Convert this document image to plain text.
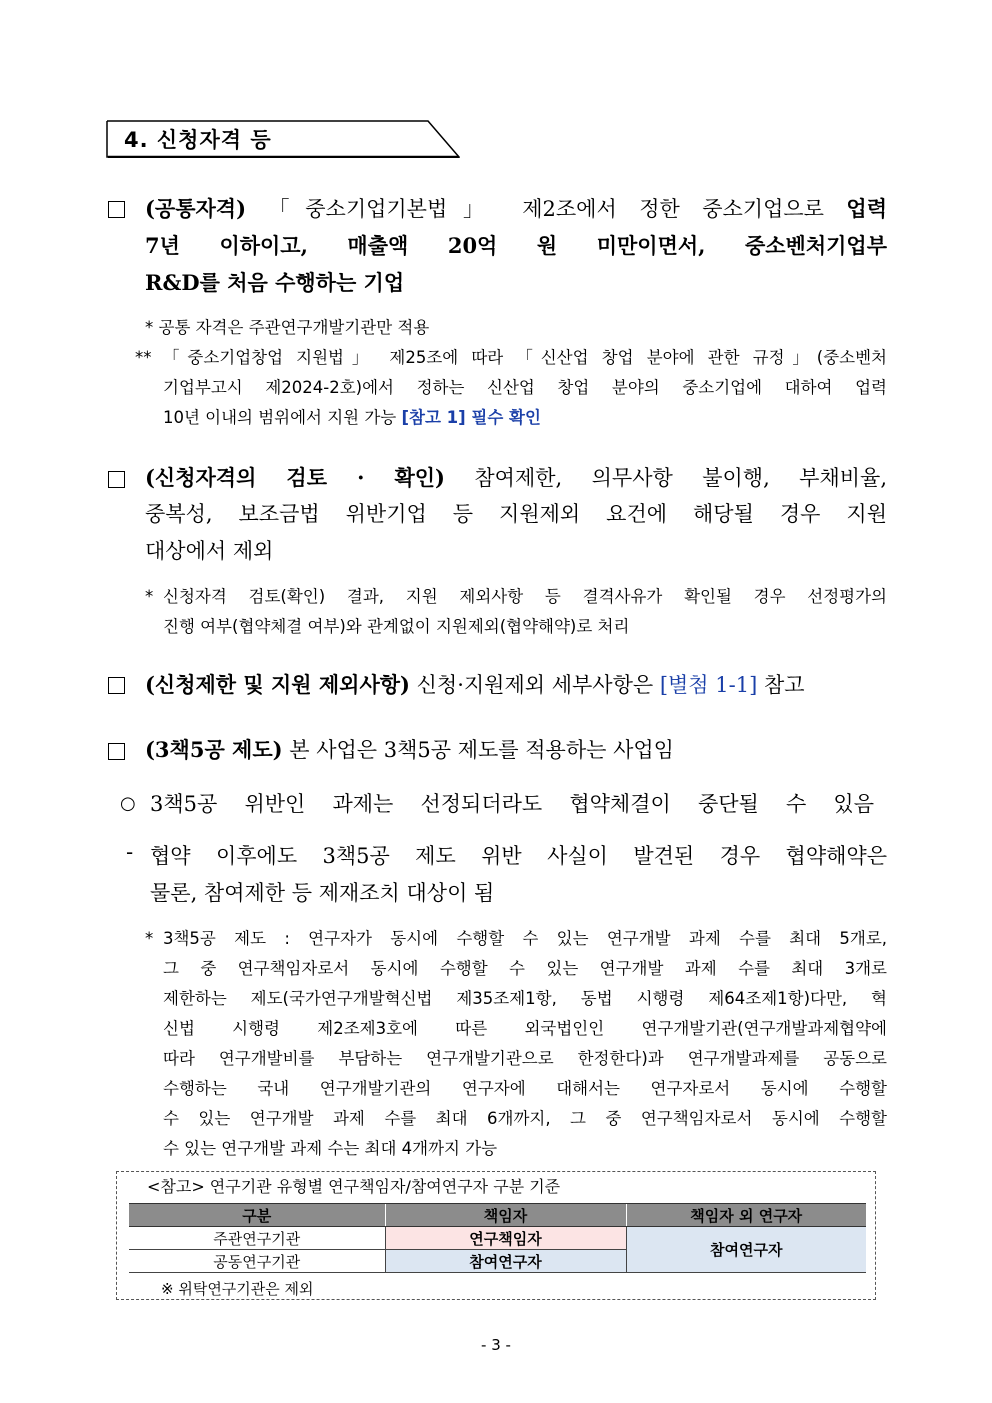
4. 신청자격 등
(공통자격) 「중소기업기본법」 제2조에서 정한 중소기업으로 업력
7년 이하이고, 매출액 20억 원 미만이면서, 중소벤처기업부
R&D를 처음 수행하는 기업
* 공통 자격은 주관연구개발기관만 적용
** 「중소기업창업 지원법」 제25조에 따라 「신산업 창업 분야에 관한 규정」(중소벤처
기업부고시 제2024-2호)에서 정하는 신산업 창업 분야의 중소기업에 대하여 업력
10년 이내의 범위에서 지원 가능 [참고 1] 필수 확인
(신청자격의 검토 · 확인) 참여제한, 의무사항 불이행, 부채비율,
중복성, 보조금법 위반기업 등 지원제외 요건에 해당될 경우 지원
대상에서 제외
* 신청자격 검토(확인) 결과, 지원 제외사항 등 결격사유가 확인될 경우 선정평가의
진행 여부(협약체결 여부)와 관계없이 지원제외(협약해약)로 처리
(신청제한 및 지원 제외사항) 신청·지원제외 세부사항은 [별첨 1-1] 참고
(3책5공 제도) 본 사업은 3책5공 제도를 적용하는 사업임
○ 3책5공 위반인 과제는 선정되더라도 협약체결이 중단될 수 있음
- 협약 이후에도 3책5공 제도 위반 사실이 발견된 경우 협약해약은
물론, 참여제한 등 제재조치 대상이 됨
* 3책5공 제도 : 연구자가 동시에 수행할 수 있는 연구개발 과제 수를 최대 5개로,
그 중 연구책임자로서 동시에 수행할 수 있는 연구개발 과제 수를 최대 3개로
제한하는 제도(국가연구개발혁신법 제35조제1항, 동법 시행령 제64조제1항)다만, 혁
신법 시행령 제2조제3호에 따른 외국법인인 연구개발기관(연구개발과제협약에
따라 연구개발비를 부담하는 연구개발기관으로 한정한다)과 연구개발과제를 공동으로
수행하는 국내 연구개발기관의 연구자에 대해서는 연구자로서 동시에 수행할
수 있는 연구개발 과제 수를 최대 6개까지, 그 중 연구책임자로서 동시에 수행할
수 있는 연구개발 과제 수는 최대 4개까지 가능
<참고> 연구기관 유형별 연구책임자/참여연구자 구분 기준
구분	책임자	책임자 외 연구자
주관연구기관	연구책임자	참여연구자
공동연구기관	참여연구자	
※ 위탁연구기관은 제외
- 3 -
